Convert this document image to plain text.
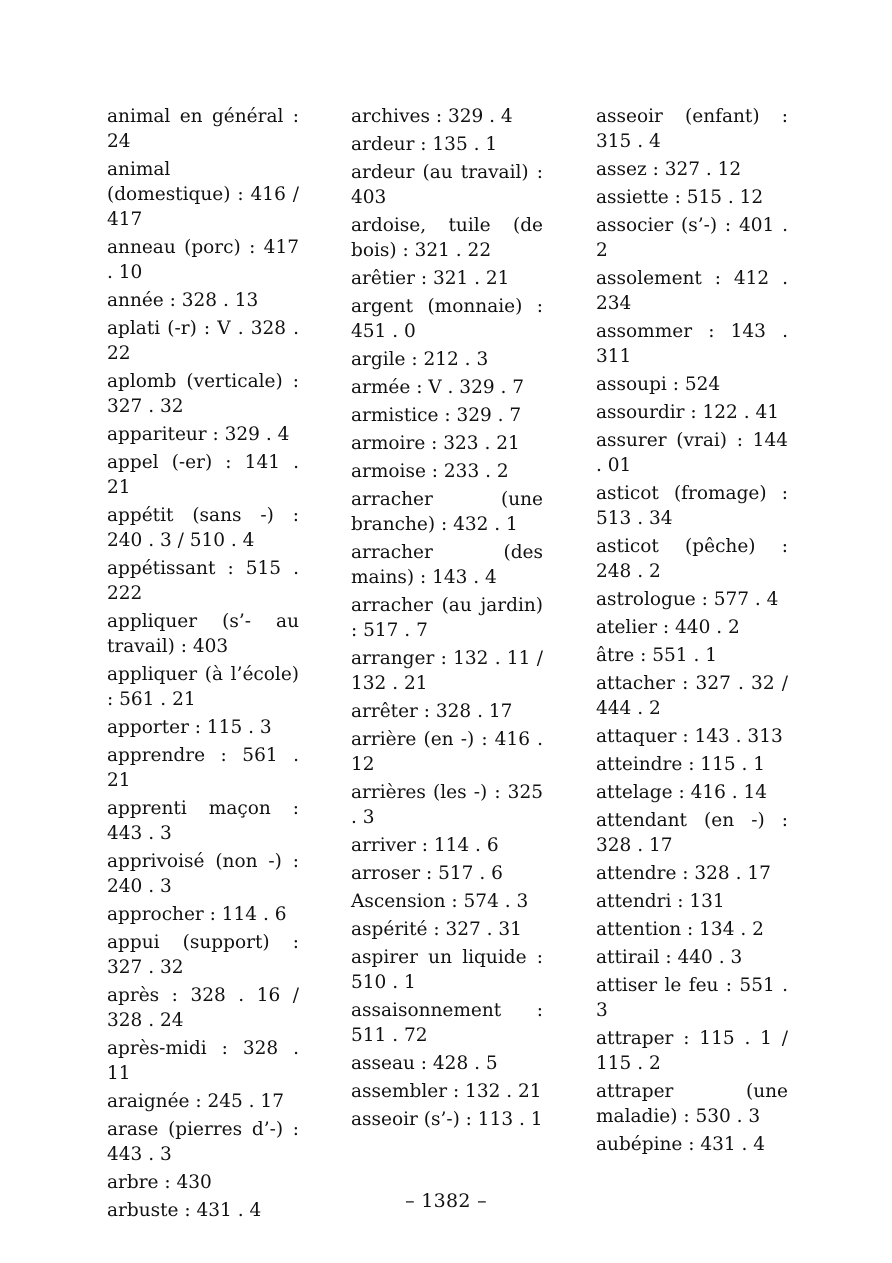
animal en général : 24
animal (domestique) : 416 / 417
anneau (porc) : 417 . 10
année : 328 . 13
aplati (-r) : V . 328 . 22
aplomb (verticale) : 327 . 32
appariteur : 329 . 4
appel (-er) : 141 . 21
appétit (sans -) : 240 . 3 / 510 . 4
appétissant : 515 . 222
appliquer (s’- au travail) : 403
appliquer (à l’école) : 561 . 21
apporter : 115 . 3
apprendre : 561 . 21
apprenti maçon : 443 . 3
apprivoisé (non -) : 240 . 3
approcher : 114 . 6
appui (support) : 327 . 32
après : 328 . 16 / 328 . 24
après-midi : 328 . 11
araignée : 245 . 17
arase (pierres d’-) : 443 . 3
arbre : 430
arbuste : 431 . 4
archives : 329 . 4
ardeur : 135 . 1
ardeur (au travail) : 403
ardoise, tuile (de bois) : 321 . 22
arêtier : 321 . 21
argent (monnaie) : 451 . 0
argile : 212 . 3
armée : V . 329 . 7
armistice : 329 . 7
armoire : 323 . 21
armoise : 233 . 2
arracher (une branche) : 432 . 1
arracher (des mains) : 143 . 4
arracher (au jardin) : 517 . 7
arranger : 132 . 11 / 132 . 21
arrêter : 328 . 17
arrière (en -) : 416 . 12
arrières (les -) : 325 . 3
arriver : 114 . 6
arroser : 517 . 6
Ascension : 574 . 3
aspérité : 327 . 31
aspirer un liquide : 510 . 1
assaisonnement : 511 . 72
asseau : 428 . 5
assembler : 132 . 21
asseoir (s’-) : 113 . 1
asseoir (enfant) : 315 . 4
assez : 327 . 12
assiette : 515 . 12
associer (s’-) : 401 . 2
assolement : 412 . 234
assommer : 143 . 311
assoupi : 524
assourdir : 122 . 41
assurer (vrai) : 144 . 01
asticot (fromage) : 513 . 34
asticot (pêche) : 248 . 2
astrologue : 577 . 4
atelier : 440 . 2
âtre : 551 . 1
attacher : 327 . 32 / 444 . 2
attaquer : 143 . 313
atteindre : 115 . 1
attelage : 416 . 14
attendant (en -) : 328 . 17
attendre : 328 . 17
attendri : 131
attention : 134 . 2
attirail : 440 . 3
attiser le feu : 551 . 3
attraper : 115 . 1 / 115 . 2
attraper (une maladie) : 530 . 3
aubépine : 431 . 4
– 1382 –
